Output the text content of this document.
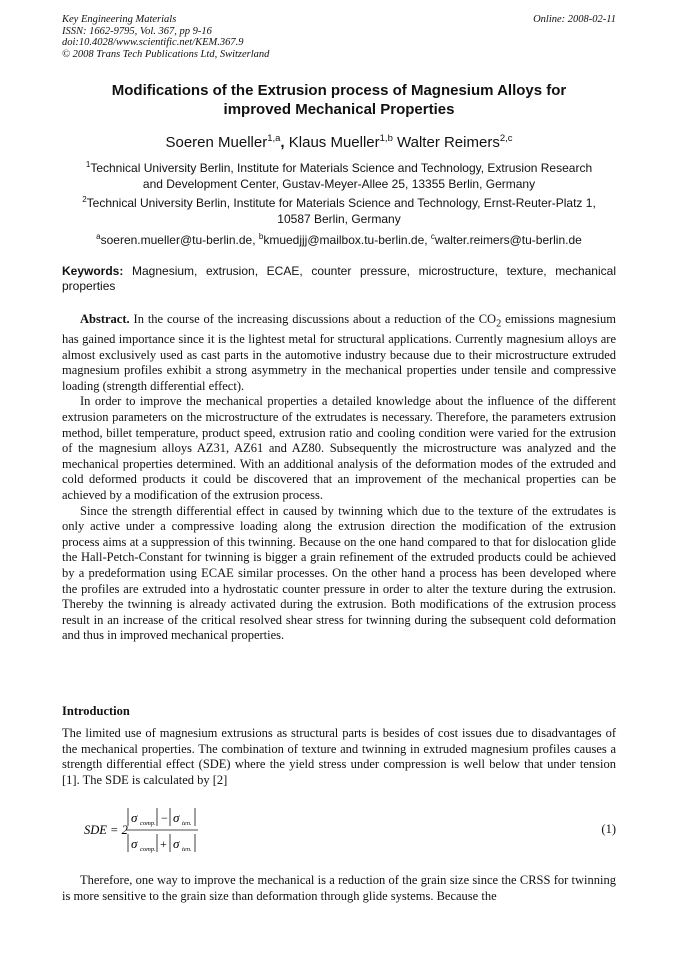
Key Engineering Materials
ISSN: 1662-9795, Vol. 367, pp 9-16
doi:10.4028/www.scientific.net/KEM.367.9
© 2008 Trans Tech Publications Ltd, Switzerland
Online: 2008-02-11
Modifications of the Extrusion process of Magnesium Alloys for
improved Mechanical Properties
Soeren Mueller$^{1,a}$, Klaus Mueller$^{1,b}$ Walter Reimers$^{2,c}$
$^1$Technical University Berlin, Institute for Materials Science and Technology, Extrusion Research
and Development Center, Gustav-Meyer-Allee 25, 13355 Berlin, Germany
$^2$Technical University Berlin, Institute for Materials Science and Technology, Ernst-Reuter-Platz 1,
10587 Berlin, Germany
$^a$soeren.mueller@tu-berlin.de, $^b$kmuedjjj@mailbox.tu-berlin.de, $^c$walter.reimers@tu-berlin.de
Keywords: Magnesium, extrusion, ECAE, counter pressure, microstructure, texture, mechanical properties

Abstract. In the course of the increasing discussions about a reduction of the $CO_2$ emissions magnesium has gained importance since it is the lightest metal for structural applications. Currently magnesium alloys are almost exclusively used as cast parts in the automotive industry because due to their microstructure extruded magnesium profiles exhibit a strong asymmetry in the mechanical properties under tensile and compressive loading (strength differential effect).

In order to improve the mechanical properties a detailed knowledge about the influence of the different extrusion parameters on the microstructure of the extrudates is necessary. Therefore, the parameters extrusion method, billet temperature, product speed, extrusion ratio and cooling condition were varied for the extrusion of the magnesium alloys AZ31, AZ61 and AZ80. Subsequently the microstructure was analyzed and the mechanical properties determined. With an additional analysis of the deformation modes of the extruded and cold deformed products it could be discovered that an improvement of the mechanical properties can be achieved by a modification of the extrusion process.

Since the strength differential effect in caused by twinning which due to the texture of the extrudates is only active under a compressive loading along the extrusion direction the modification of the extrusion process aims at a suppression of this twinning. Because on the one hand compared to that for dislocation glide the Hall-Petch-Constant for twinning is bigger a grain refinement of the extruded products could be achieved by a predeformation using ECAE similar processes. On the other hand a process has been developed where the profiles are extruded into a hydrostatic counter pressure in order to alter the texture during the extrusion. Thereby the twinning is already activated during the extrusion. Both modifications of the extrusion process result in an increase of the critical resolved shear stress for twinning during the subsequent cold deformation and thus in improved mechanical properties.

Introduction

The limited use of magnesium extrusions as structural parts is besides of cost issues due to disadvantages of the mechanical properties. The combination of texture and twinning in extruded magnesium profiles causes a strength differential effect (SDE) where the yield stress under compression is well below that under tension [1]. The SDE is calculated by [2]

SDE = 2
σ comp. − σ ten.
σ comp. + σ ten.
(1)

Therefore, one way to improve the mechanical is a reduction of the grain size since the CRSS for twinning is more sensitive to the grain size than deformation through glide systems. Because the
